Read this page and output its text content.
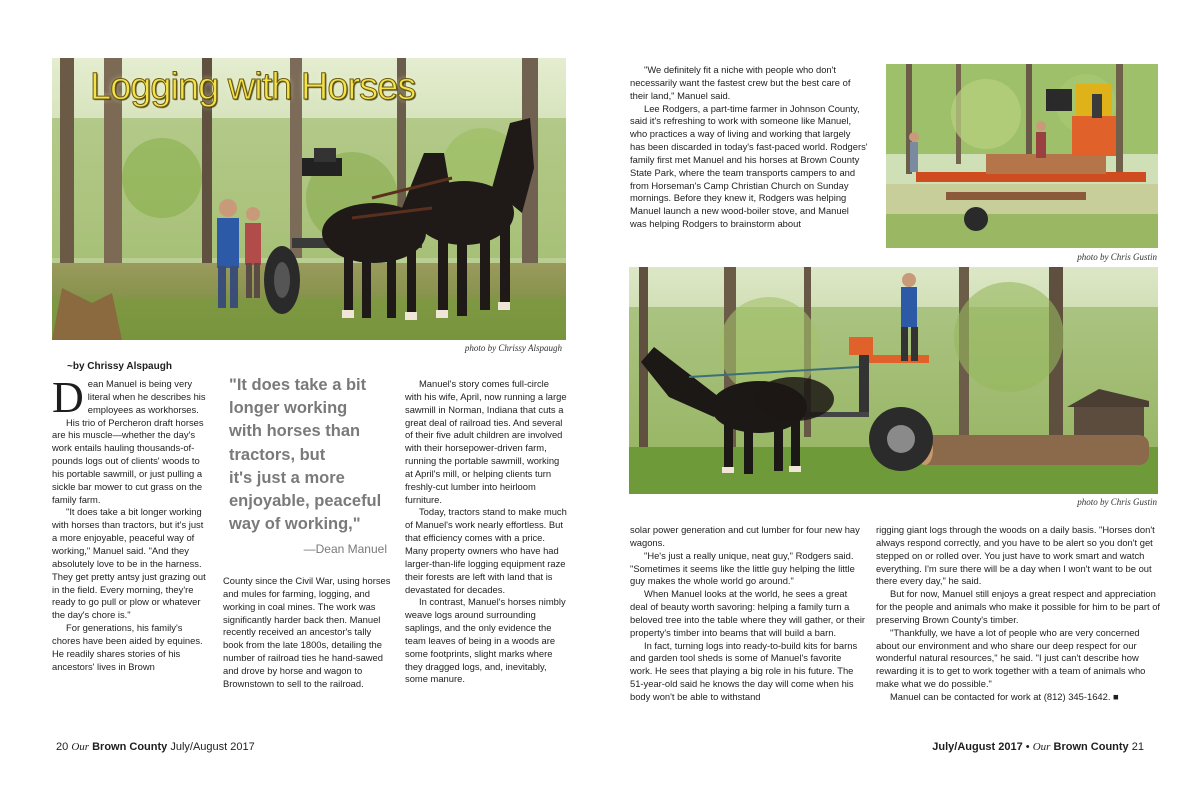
Logging with Horses
photo by Chrissy Alspaugh
~by Chrissy Alspaugh

Dean Manuel is being very literal when he describes his employees as workhorses.

His trio of Percheron draft horses are his muscle—whether the day's work entails hauling thousands-of-pounds logs out of clients' woods to his portable sawmill, or just pulling a sickle bar mower to cut grass on the family farm.

"It does take a bit longer working with horses than tractors, but it's just a more enjoyable, peaceful way of working," Manuel said. "And they absolutely love to be in the harness. They get pretty antsy just grazing out in the field. Every morning, they're ready to go pull or plow or whatever the day's chore is."

For generations, his family's chores have been aided by equines. He readily shares stories of his ancestors' lives in Brown

"It does take a bit
longer working
with horses than
tractors, but
it's just a more
enjoyable, peaceful
way of working,"
—Dean Manuel

County since the Civil War, using horses and mules for farming, logging, and working in coal mines. The work was significantly harder back then. Manuel recently received an ancestor's tally book from the late 1800s, detailing the number of railroad ties he hand-sawed and drove by horse and wagon to Brownstown to sell to the railroad.

Manuel's story comes full-circle with his wife, April, now running a large sawmill in Norman, Indiana that cuts a great deal of railroad ties. And several of their five adult children are involved with their horsepower-driven farm, running the portable sawmill, working at April's mill, or helping clients turn freshly-cut lumber into heirloom furniture.

Today, tractors stand to make much of Manuel's work nearly effortless. But that efficiency comes with a price. Many property owners who have had larger-than-life logging equipment raze their forests are left with land that is devastated for decades.

In contrast, Manuel's horses nimbly weave logs around surrounding saplings, and the only evidence the team leaves of being in a woods are some footprints, slight marks where they dragged logs, and, inevitably, some manure.

20 Our Brown County July/August 2017

"We definitely fit a niche with people who don't necessarily want the fastest crew but the best care of their land," Manuel said.

Lee Rodgers, a part-time farmer in Johnson County, said it's refreshing to work with someone like Manuel, who practices a way of living and working that largely has been discarded in today's fast-paced world. Rodgers' family first met Manuel and his horses at Brown County State Park, where the team transports campers to and from Horseman's Camp Christian Church on Sunday mornings. Before they knew it, Rodgers was helping Manuel launch a new wood-boiler stove, and Manuel was helping Rodgers to brainstorm about

photo by Chris Gustin
photo by Chris Gustin

solar power generation and cut lumber for four new hay wagons.

"He's just a really unique, neat guy," Rodgers said. "Sometimes it seems like the little guy helping the little guy makes the whole world go around."

When Manuel looks at the world, he sees a great deal of beauty worth savoring: helping a family turn a beloved tree into the table where they will gather, or their property's timber into beams that will build a barn.

In fact, turning logs into ready-to-build kits for barns and garden tool sheds is some of Manuel's favorite work. He sees that playing a big role in his future. The 51-year-old said he knows the day will come when his body won't be able to withstand

rigging giant logs through the woods on a daily basis. "Horses don't always respond correctly, and you have to be alert so you don't get stepped on or rolled over. You just have to work smart and watch everything. I'm sure there will be a day when I won't want to be out there every day," he said.

But for now, Manuel still enjoys a great respect and appreciation for the people and animals who make it possible for him to be part of preserving Brown County's timber.

"Thankfully, we have a lot of people who are very concerned about our environment and who share our deep respect for our wonderful natural resources," he said. "I just can't describe how rewarding it is to get to work together with a team of animals who make what we do possible."

Manuel can be contacted for work at (812) 345-1642. ■

July/August 2017 • Our Brown County 21
